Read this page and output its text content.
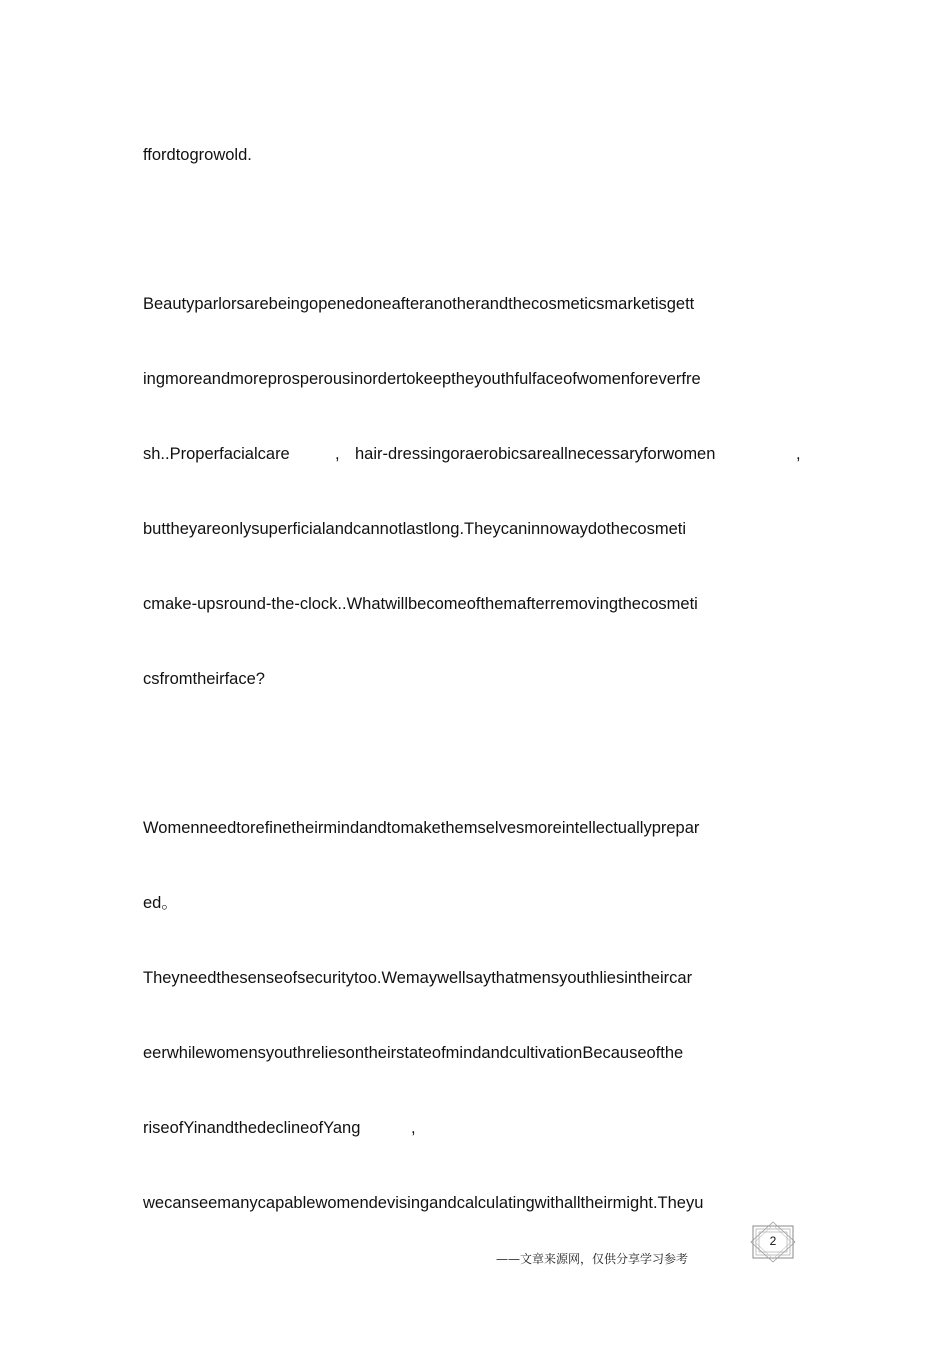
ffordtogrowold.
Beautyparlorsarebeingopenedoneafteranotherandthecosmeticsmarketisgett
ingmoreandmoreprosperousinordertokeeptheyouthfulfaceofwomenforeverfre
sh..Properfacialcare	, hair-dressingoraerobicsareallnecessaryforwomen	,
buttheyareonlysuperficialandcannotlastlong.Theycaninnowaydothecosmeti
cmake-upsround-the-clock..Whatwillbecomeofthemafterremovingthecosmeti
csfromtheirface?
Womenneedtorefinetheirmindandtomakethemselvesmoreintellectuallyprepar
ed。
Theyneedthesenseofsecuritytoo.Wemaywellsaythatmensyouthliesintheircar
eerwhilewomensyouthreliesontheirstateofmindandcultivationBecauseofthe
riseofYinandthedeclineofYang	,
wecanseemanycapablewomendevisingandcalculatingwithalltheirmight.Theyu
——文章来源网，仅供分享学习参考
2
